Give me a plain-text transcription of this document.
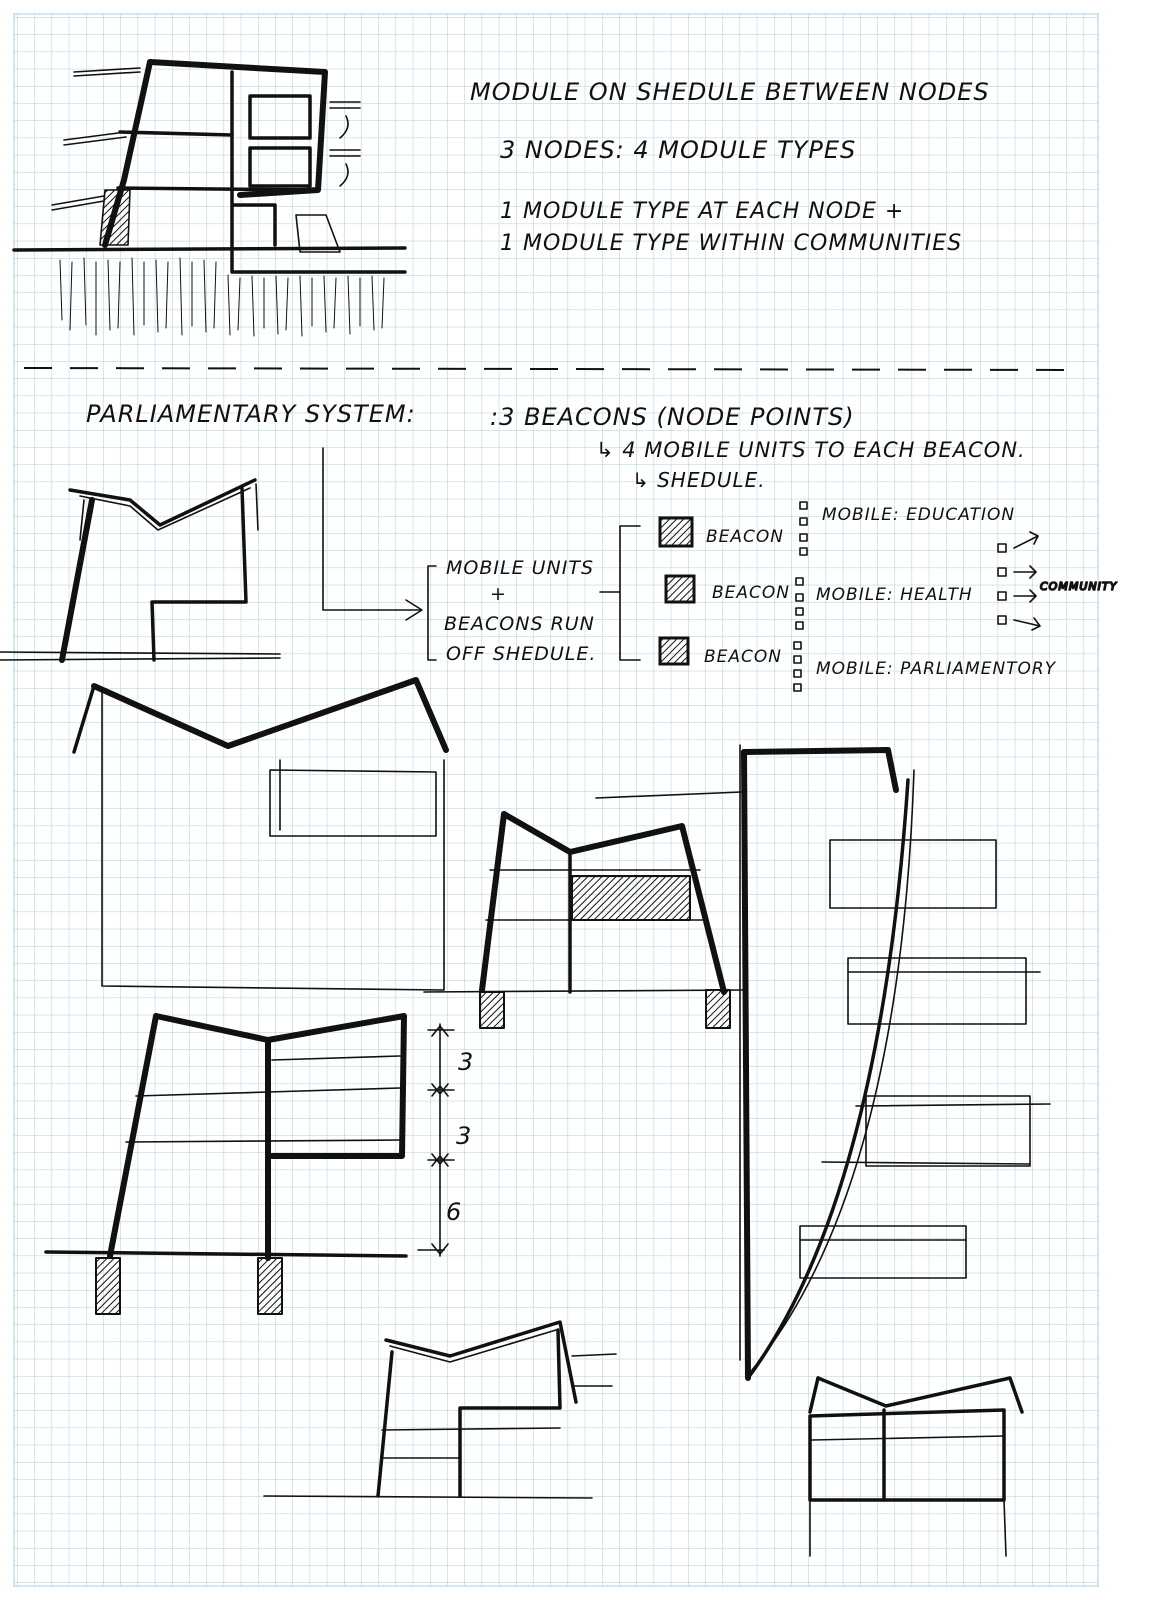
MODULE ON SHEDULE BETWEEN NODES
3 NODES: 4 MODULE TYPES
1 MODULE TYPE AT EACH NODE +
1 MODULE TYPE WITHIN COMMUNITIES
PARLIAMENTARY SYSTEM:	:3 BEACONS (NODE POINTS)
↳ 4 MOBILE UNITS TO EACH BEACON.
↳ SHEDULE.
MOBILE UNITS
+
BEACONS RUN
OFF SHEDULE.
BEACON
BEACON
BEACON
MOBILE: EDUCATION
MOBILE: HEALTH
MOBILE: PARLIAMENTORY
COMMUNITY
3
3
6
